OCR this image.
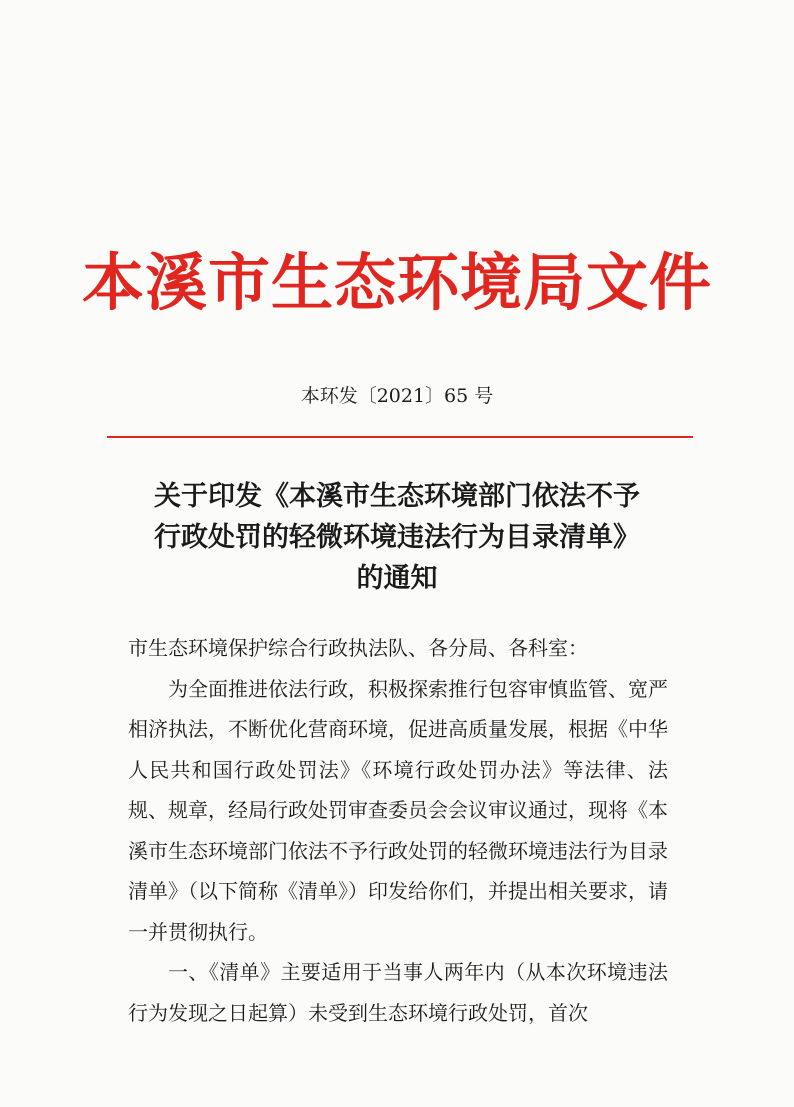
本溪市生态环境局文件
本环发〔2021〕65 号
关于印发《本溪市生态环境部门依法不予
行政处罚的轻微环境违法行为目录清单》
的通知

市生态环境保护综合行政执法队、各分局、各科室：

为全面推进依法行政，积极探索推行包容审慎监管、宽严相济执法，不断优化营商环境，促进高质量发展，根据《中华人民共和国行政处罚法》《环境行政处罚办法》等法律、法规、规章，经局行政处罚审查委员会会议审议通过，现将《本溪市生态环境部门依法不予行政处罚的轻微环境违法行为目录清单》（以下简称《清单》）印发给你们，并提出相关要求，请一并贯彻执行。

一、《清单》主要适用于当事人两年内（从本次环境违法行为发现之日起算）未受到生态环境行政处罚，首次
